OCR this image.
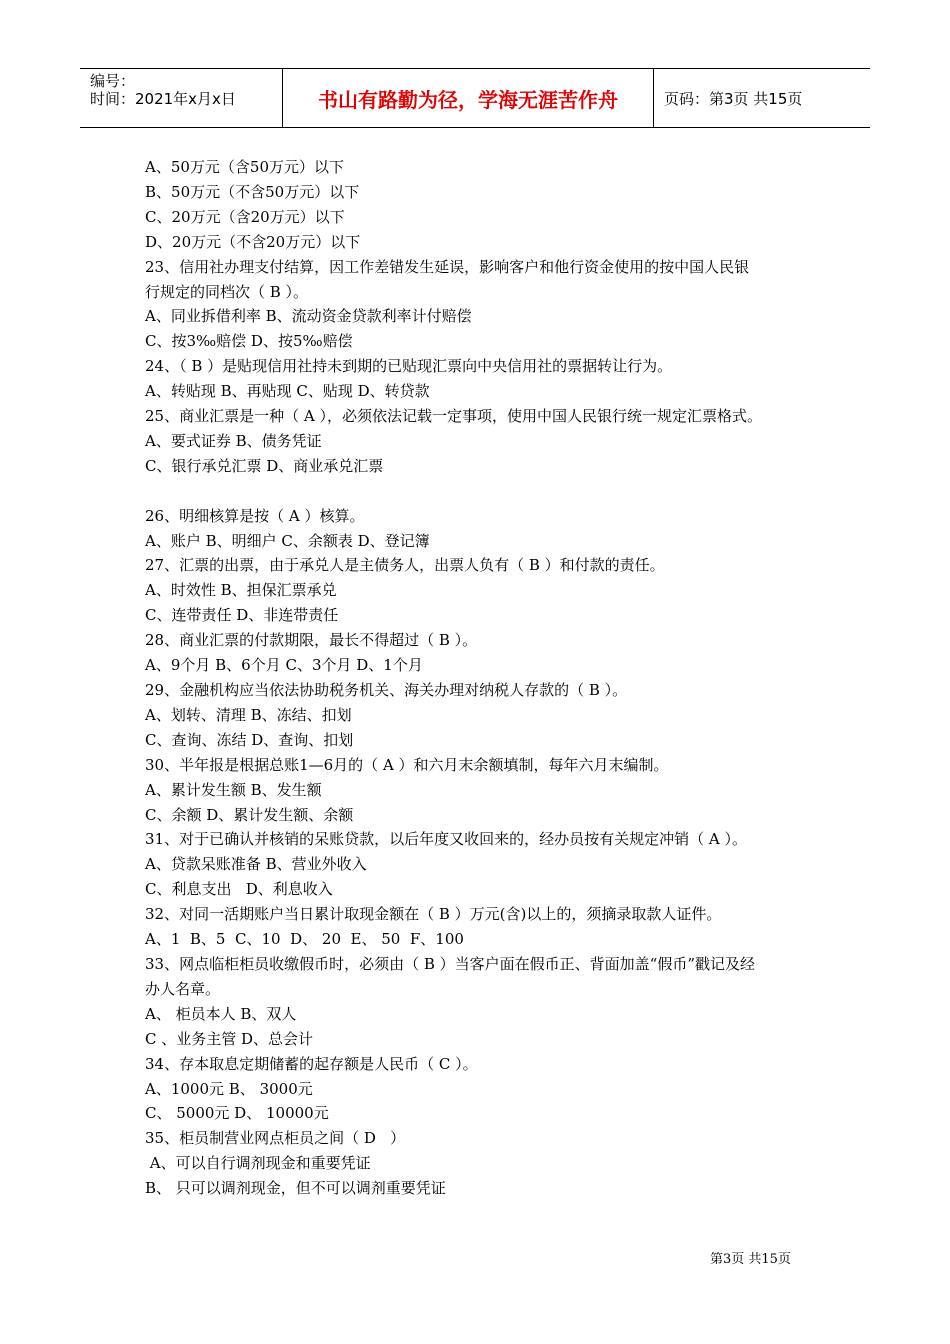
编号：
时间：2021年x月x日	书山有路勤为径，学海无涯苦作舟	页码：第3页 共15页

A、50万元（含50万元）以下

B、50万元（不含50万元）以下

C、20万元（含20万元）以下

D、20万元（不含20万元）以下

23、信用社办理支付结算，因工作差错发生延误，影响客户和他行资金使用的按中国人民银

行规定的同档次（ B ）。

A、同业拆借利率 B、流动资金贷款利率计付赔偿

C、按3‰赔偿 D、按5‰赔偿

24、（ B ）是贴现信用社持未到期的已贴现汇票向中央信用社的票据转让行为。

A、转贴现 B、再贴现 C、贴现 D、转贷款

25、商业汇票是一种（ A ），必须依法记载一定事项，使用中国人民银行统一规定汇票格式。

A、要式证券 B、债务凭证

C、银行承兑汇票 D、商业承兑汇票

26、明细核算是按（ A ）核算。

A、账户 B、明细户 C、余额表 D、登记簿

27、汇票的出票，由于承兑人是主债务人，出票人负有（ B ）和付款的责任。

A、时效性 B、担保汇票承兑

C、连带责任 D、非连带责任

28、商业汇票的付款期限，最长不得超过（ B ）。

A、9个月 B、6个月 C、3个月 D、1个月

29、金融机构应当依法协助税务机关、海关办理对纳税人存款的（ B ）。

A、划转、清理 B、冻结、扣划

C、查询、冻结 D、查询、扣划

30、半年报是根据总账1—6月的（ A ）和六月末余额填制，每年六月末编制。

A、累计发生额 B、发生额

C、余额 D、累计发生额、余额

31、对于已确认并核销的呆账贷款，以后年度又收回来的，经办员按有关规定冲销（ A ）。

A、贷款呆账准备 B、营业外收入

C、利息支出   D、利息收入

32、对同一活期账户当日累计取现金额在（ B ）万元(含)以上的，须摘录取款人证件。

A、1  B、5  C、10  D、 20  E、 50  F、100

33、网点临柜柜员收缴假币时，必须由（ B ）当客户面在假币正、背面加盖“假币”戳记及经

办人名章。

A、 柜员本人 B、双人

C 、业务主管 D、总会计

34、存本取息定期储蓄的起存额是人民币（ C ）。

A、1000元 B、 3000元

C、 5000元 D、 10000元

35、柜员制营业网点柜员之间（ D   ）

A、可以自行调剂现金和重要凭证

B、 只可以调剂现金，但不可以调剂重要凭证

第3页 共15页
